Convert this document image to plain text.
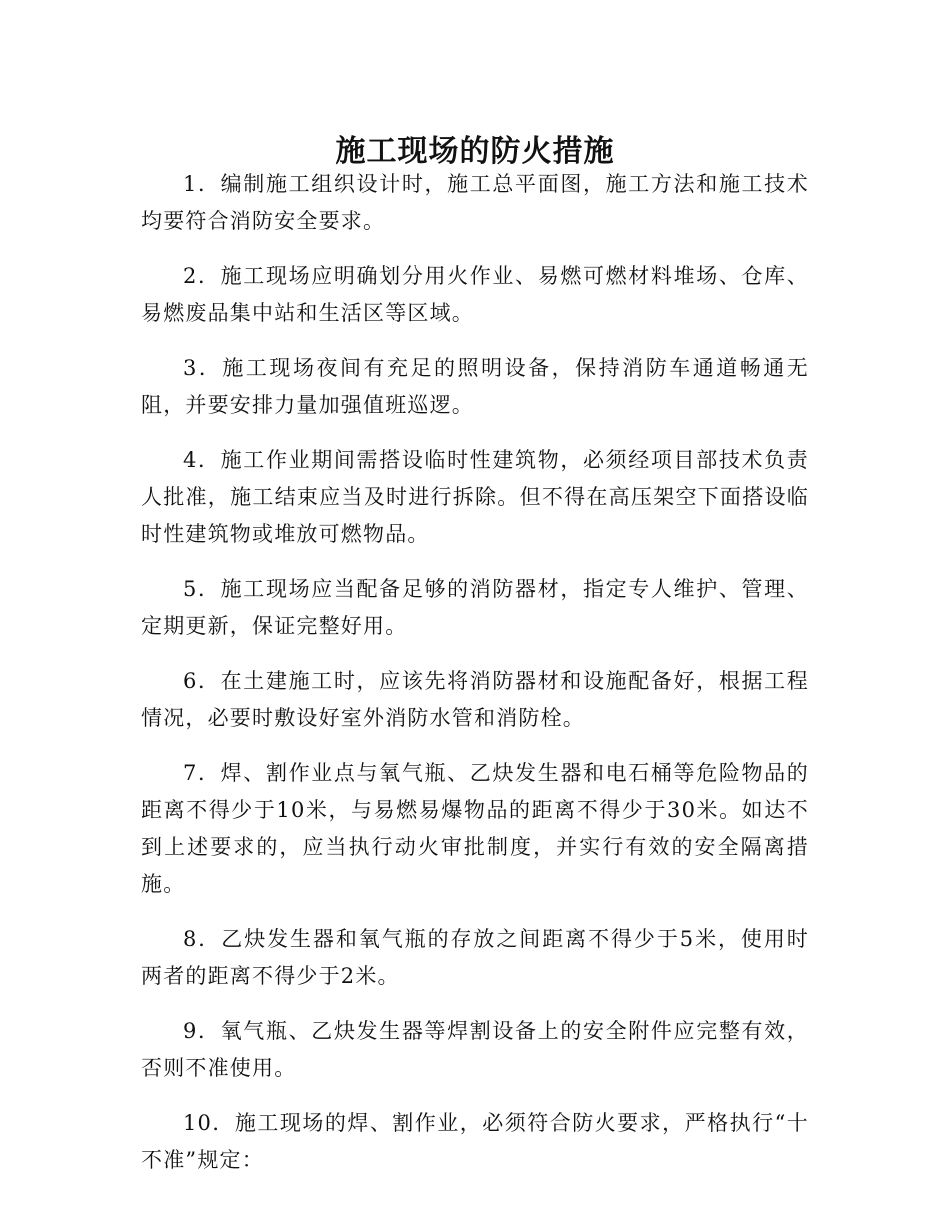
施工现场的防火措施

1．编制施工组织设计时，施工总平面图，施工方法和施工技术均要符合消防安全要求。

2．施工现场应明确划分用火作业、易燃可燃材料堆场、仓库、易燃废品集中站和生活区等区域。

3．施工现场夜间有充足的照明设备，保持消防车通道畅通无阻，并要安排力量加强值班巡逻。

4．施工作业期间需搭设临时性建筑物，必须经项目部技术负责人批准，施工结束应当及时进行拆除。但不得在高压架空下面搭设临时性建筑物或堆放可燃物品。

5．施工现场应当配备足够的消防器材，指定专人维护、管理、定期更新，保证完整好用。

6．在土建施工时，应该先将消防器材和设施配备好，根据工程情况，必要时敷设好室外消防水管和消防栓。

7．焊、割作业点与氧气瓶、乙炔发生器和电石桶等危险物品的距离不得少于10米，与易燃易爆物品的距离不得少于30米。如达不到上述要求的，应当执行动火审批制度，并实行有效的安全隔离措施。

8．乙炔发生器和氧气瓶的存放之间距离不得少于5米，使用时两者的距离不得少于2米。

9．氧气瓶、乙炔发生器等焊割设备上的安全附件应完整有效，否则不准使用。

10．施工现场的焊、割作业，必须符合防火要求，严格执行“十不准”规定：
